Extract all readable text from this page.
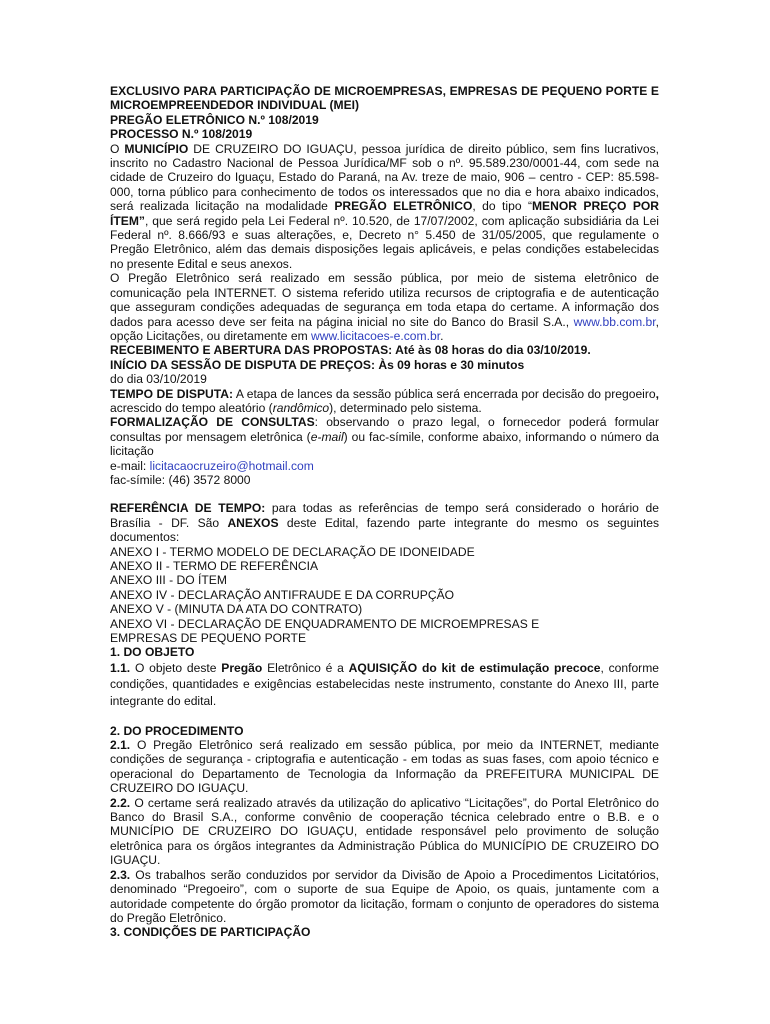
EXCLUSIVO PARA PARTICIPAÇÃO DE MICROEMPRESAS, EMPRESAS DE PEQUENO PORTE E MICROEMPREENDEDOR INDIVIDUAL (MEI)

PREGÃO ELETRÔNICO N.º 108/2019

PROCESSO N.º 108/2019

O MUNICÍPIO DE CRUZEIRO DO IGUAÇU, pessoa jurídica de direito público, sem fins lucrativos, inscrito no Cadastro Nacional de Pessoa Jurídica/MF sob o nº. 95.589.230/0001-44, com sede na cidade de Cruzeiro do Iguaçu, Estado do Paraná, na Av. treze de maio, 906 – centro - CEP: 85.598-000, torna público para conhecimento de todos os interessados que no dia e hora abaixo indicados, será realizada licitação na modalidade PREGÃO ELETRÔNICO, do tipo “MENOR PREÇO POR ÍTEM”, que será regido pela Lei Federal nº. 10.520, de 17/07/2002, com aplicação subsidiária da Lei Federal nº. 8.666/93 e suas alterações, e, Decreto n° 5.450 de 31/05/2005, que regulamente o Pregão Eletrônico, além das demais disposições legais aplicáveis, e pelas condições estabelecidas no presente Edital e seus anexos.

O Pregão Eletrônico será realizado em sessão pública, por meio de sistema eletrônico de comunicação pela INTERNET. O sistema referido utiliza recursos de criptografia e de autenticação que asseguram condições adequadas de segurança em toda etapa do certame. A informação dos dados para acesso deve ser feita na página inicial no site do Banco do Brasil S.A., www.bb.com.br, opção Licitações, ou diretamente em www.licitacoes-e.com.br.

RECEBIMENTO E ABERTURA DAS PROPOSTAS: Até às 08 horas do dia 03/10/2019.

INÍCIO DA SESSÃO DE DISPUTA DE PREÇOS: Às 09 horas e 30 minutos

do dia 03/10/2019

TEMPO DE DISPUTA: A etapa de lances da sessão pública será encerrada por decisão do pregoeiro, acrescido do tempo aleatório (randômico), determinado pelo sistema.

FORMALIZAÇÃO DE CONSULTAS: observando o prazo legal, o fornecedor poderá formular consultas por mensagem eletrônica (e-mail) ou fac-símile, conforme abaixo, informando o número da licitação

e-mail: licitacaocruzeiro@hotmail.com

fac-símile: (46) 3572 8000

REFERÊNCIA DE TEMPO: para todas as referências de tempo será considerado o horário de Brasília - DF. São ANEXOS deste Edital, fazendo parte integrante do mesmo os seguintes documentos:

ANEXO I - TERMO MODELO DE DECLARAÇÃO DE IDONEIDADE

ANEXO II - TERMO DE REFERÊNCIA

ANEXO III - DO ÍTEM

ANEXO IV - DECLARAÇÃO ANTIFRAUDE E DA CORRUPÇÃO

ANEXO V - (MINUTA DA ATA DO CONTRATO)

ANEXO VI - DECLARAÇÃO DE ENQUADRAMENTO DE MICROEMPRESAS E EMPRESAS DE PEQUENO PORTE

1. DO OBJETO

1.1. O objeto deste Pregão Eletrônico é a AQUISIÇÃO do kit de estimulação precoce, conforme condições, quantidades e exigências estabelecidas neste instrumento, constante do Anexo III, parte integrante do edital.

2. DO PROCEDIMENTO

2.1. O Pregão Eletrônico será realizado em sessão pública, por meio da INTERNET, mediante condições de segurança - criptografia e autenticação - em todas as suas fases, com apoio técnico e operacional do Departamento de Tecnologia da Informação da PREFEITURA MUNICIPAL DE CRUZEIRO DO IGUAÇU.

2.2. O certame será realizado através da utilização do aplicativo “Licitações”, do Portal Eletrônico do Banco do Brasil S.A., conforme convênio de cooperação técnica celebrado entre o B.B. e o MUNICÍPIO DE CRUZEIRO DO IGUAÇU, entidade responsável pelo provimento de solução eletrônica para os órgãos integrantes da Administração Pública do MUNICÍPIO DE CRUZEIRO DO IGUAÇU.

2.3. Os trabalhos serão conduzidos por servidor da Divisão de Apoio a Procedimentos Licitatórios, denominado “Pregoeiro”, com o suporte de sua Equipe de Apoio, os quais, juntamente com a autoridade competente do órgão promotor da licitação, formam o conjunto de operadores do sistema do Pregão Eletrônico.

3. CONDIÇÕES DE PARTICIPAÇÃO
